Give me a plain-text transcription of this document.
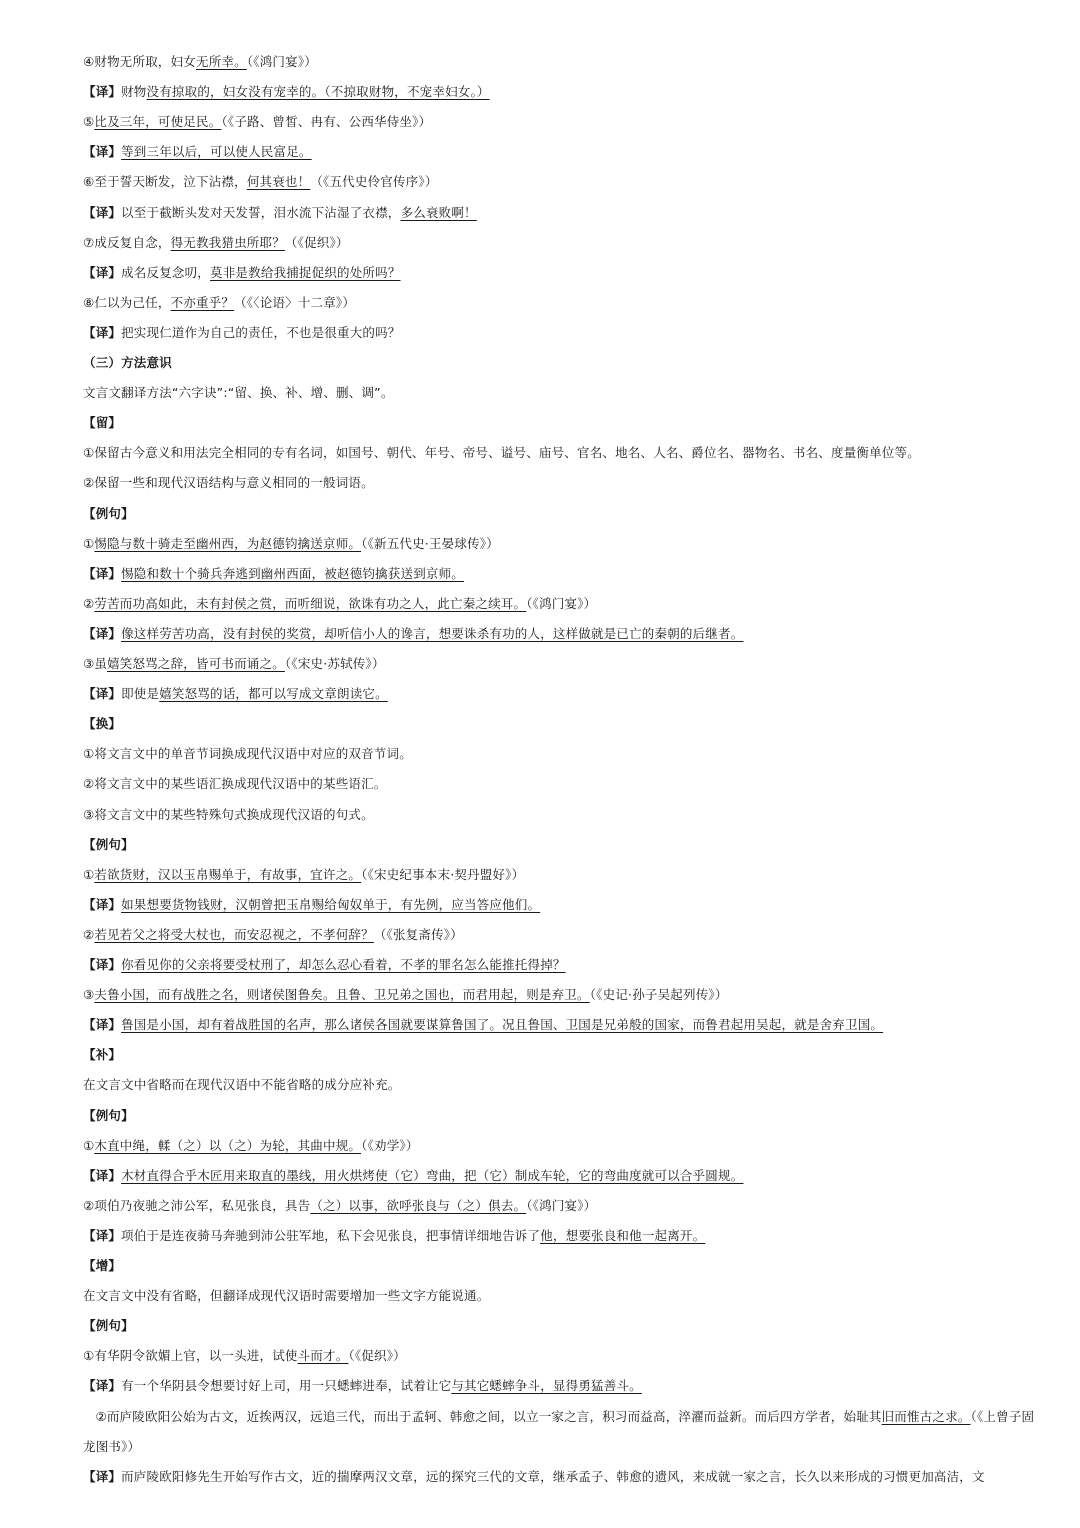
④财物无所取，妇女无所幸。（《鸿门宴》）
【译】财物没有掠取的，妇女没有宠幸的。（不掠取财物，不宠幸妇女。）
⑤比及三年，可使足民。（《子路、曾皙、冉有、公西华侍坐》）
【译】等到三年以后，可以使人民富足。
⑥至于誓天断发，泣下沾襟，何其衰也！（《五代史伶官传序》）
【译】以至于截断头发对天发誓，泪水流下沾湿了衣襟，多么衰败啊！
⑦成反复自念，得无教我猎虫所耶？（《促织》）
【译】成名反复念叨，莫非是教给我捕捉促织的处所吗？
⑧仁以为己任，不亦重乎？（《〈论语〉十二章》）
【译】把实现仁道作为自己的责任，不也是很重大的吗？
（三）方法意识
文言文翻译方法“六字诀”:“留、换、补、增、删、调”。
【留】
①保留古今意义和用法完全相同的专有名词，如国号、朝代、年号、帝号、谥号、庙号、官名、地名、人名、爵位名、器物名、书名、度量衡单位等。
②保留一些和现代汉语结构与意义相同的一般词语。
【例句】
①惕隐与数十骑走至幽州西，为赵德钧擒送京师。（《新五代史·王晏球传》）
【译】惕隐和数十个骑兵奔逃到幽州西面，被赵德钧擒获送到京师。
②劳苦而功高如此，未有封侯之赏，而听细说，欲诛有功之人，此亡秦之续耳。（《鸿门宴》）
【译】像这样劳苦功高，没有封侯的奖赏，却听信小人的谗言，想要诛杀有功的人，这样做就是已亡的秦朝的后继者。
③虽嬉笑怒骂之辞，皆可书而诵之。（《宋史·苏轼传》）
【译】即使是嬉笑怒骂的话，都可以写成文章朗读它。
【换】
①将文言文中的单音节词换成现代汉语中对应的双音节词。
②将文言文中的某些语汇换成现代汉语中的某些语汇。
③将文言文中的某些特殊句式换成现代汉语的句式。
【例句】
①若欲货财，汉以玉帛赐单于，有故事，宜许之。（《宋史纪事本末·契丹盟好》）
【译】如果想要货物钱财，汉朝曾把玉帛赐给匈奴单于，有先例，应当答应他们。
②若见若父之将受大杖也，而安忍视之，不孝何辞？（《张复斋传》）
【译】你看见你的父亲将要受杖刑了，却怎么忍心看着，不孝的罪名怎么能推托得掉？
③夫鲁小国，而有战胜之名，则诸侯图鲁矣。且鲁、卫兄弟之国也，而君用起，则是弃卫。（《史记·孙子吴起列传》）
【译】鲁国是小国，却有着战胜国的名声，那么诸侯各国就要谋算鲁国了。况且鲁国、卫国是兄弟般的国家，而鲁君起用吴起，就是舍弃卫国。
【补】
在文言文中省略而在现代汉语中不能省略的成分应补充。
【例句】
①木直中绳，輮（之）以（之）为轮，其曲中规。（《劝学》）
【译】木材直得合乎木匠用来取直的墨线，用火烘烤使（它）弯曲，把（它）制成车轮，它的弯曲度就可以合乎圆规。
②项伯乃夜驰之沛公军，私见张良，具告（之）以事，欲呼张良与（之）俱去。（《鸿门宴》）
【译】项伯于是连夜骑马奔驰到沛公驻军地，私下会见张良，把事情详细地告诉了他，想要张良和他一起离开。
【增】
在文言文中没有省略，但翻译成现代汉语时需要增加一些文字方能说通。
【例句】
①有华阴令欲媚上官，以一头进，试使斗而才。（《促织》）
【译】有一个华阴县令想要讨好上司，用一只蟋蟀进奉，试着让它与其它蟋蟀争斗，显得勇猛善斗。
②而庐陵欧阳公始为古文，近挨两汉，远追三代，而出于孟轲、韩愈之间，以立一家之言，积习而益高，淬濯而益新。而后四方学者，始耻其旧而惟古之求。（《上曾子固龙图书》）
【译】而庐陵欧阳修先生开始写作古文，近的揣摩两汉文章，远的探究三代的文章，继承孟子、韩愈的遗风，来成就一家之言，长久以来形成的习惯更加高洁，文
